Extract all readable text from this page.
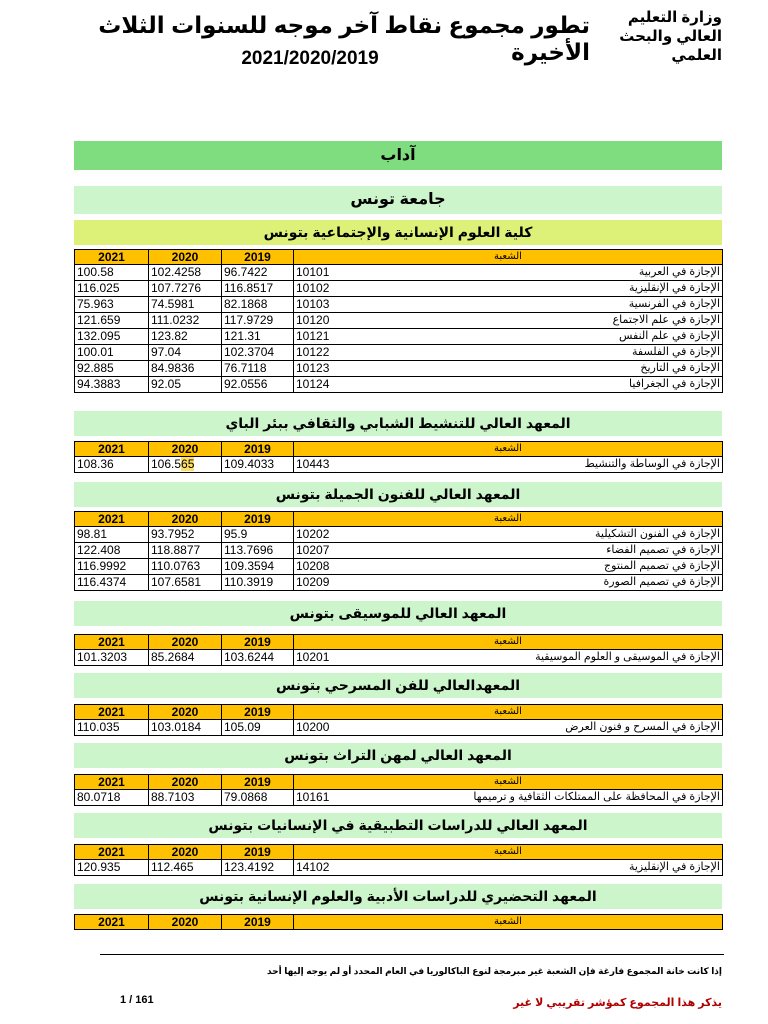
وزارة التعليم العالي والبحث العلمي
تطور مجموع نقاط آخر موجه للسنوات الثلاث الأخيرة
2021/2020/2019
آداب
جامعة تونس
كلية العلوم الإنسانية والإجتماعية بتونس
2021	2020	2019	الشعبة
100.58	102.4258	96.7422	10101 الإجازة في العربية
116.025	107.7276	116.8517	10102 الإجازة في الإنقليزية
75.963	74.5981	82.1868	10103 الإجازة في الفرنسية
121.659	111.0232	117.9729	10120 الإجازة في علم الاجتماع
132.095	123.82	121.31	10121 الإجازة في علم النفس
100.01	97.04	102.3704	10122 الإجازة في الفلسفة
92.885	84.9836	76.7118	10123 الإجازة في التاريخ
94.3883	92.05	92.0556	10124 الإجازة في الجغرافيا
المعهد العالي للتنشيط الشبابي والثقافي ببئر الباي
2021	2020	2019	الشعبة
108.36	106.565	109.4033	10443 الإجازة في الوساطة والتنشيط
المعهد العالي للفنون الجميلة بتونس
2021	2020	2019	الشعبة
98.81	93.7952	95.9	10202 الإجازة في الفنون التشكيلية
122.408	118.8877	113.7696	10207 الإجازة في تصميم الفضاء
116.9992	110.0763	109.3594	10208 الإجازة في تصميم المنتوج
116.4374	107.6581	110.3919	10209 الإجازة في تصميم الصورة
المعهد العالي للموسيقى بتونس
2021	2020	2019	الشعبة
101.3203	85.2684	103.6244	10201 الإجازة في الموسيقى و العلوم الموسيقية
المعهدالعالي للفن المسرحي بتونس
2021	2020	2019	الشعبة
110.035	103.0184	105.09	10200 الإجازة في المسرح و فنون العرض
المعهد العالي لمهن التراث بتونس
2021	2020	2019	الشعبة
80.0718	88.7103	79.0868	10161 الإجازة في المحافظة على الممتلكات الثقافية و ترميمها
المعهد العالي للدراسات التطبيقية في الإنسانيات بتونس
2021	2020	2019	الشعبة
120.935	112.465	123.4192	14102 الإجازة في الإنقليزية
المعهد التحضيري للدراسات الأدبية والعلوم الإنسانية بتونس
2021	2020	2019	الشعبة
إذا كانت خانة المجموع فارغة فإن الشعبة غير مبرمجة لنوع الباكالوريا في العام المحدد أو لم يوجه إليها أحد
1 / 161	يذكر هذا المجموع كمؤشر تقريبي لا غير
